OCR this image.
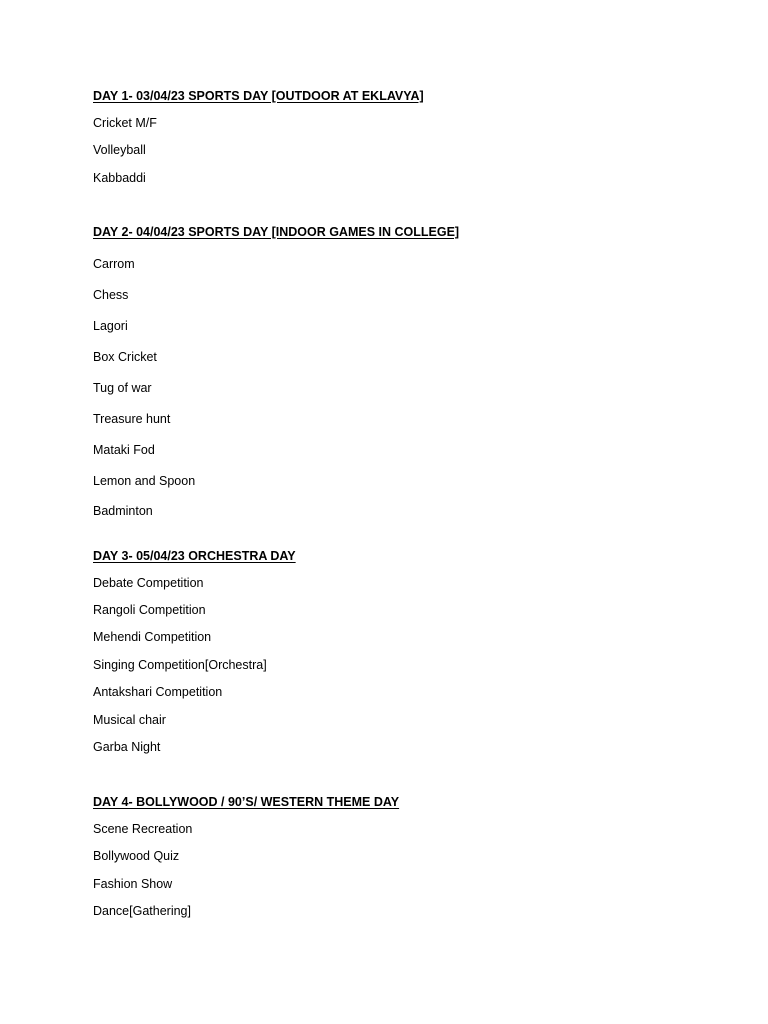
DAY 1- 03/04/23 SPORTS DAY [OUTDOOR AT EKLAVYA]
Cricket M/F
Volleyball
Kabbaddi
DAY 2- 04/04/23 SPORTS DAY [INDOOR GAMES IN COLLEGE]
Carrom
Chess
Lagori
Box Cricket
Tug of war
Treasure hunt
Mataki Fod
Lemon and Spoon
Badminton
DAY 3- 05/04/23 ORCHESTRA DAY
Debate Competition
Rangoli Competition
Mehendi Competition
Singing Competition[Orchestra]
Antakshari Competition
Musical chair
Garba Night
DAY 4- BOLLYWOOD / 90’S/ WESTERN THEME DAY
Scene Recreation
Bollywood Quiz
Fashion Show
Dance[Gathering]
